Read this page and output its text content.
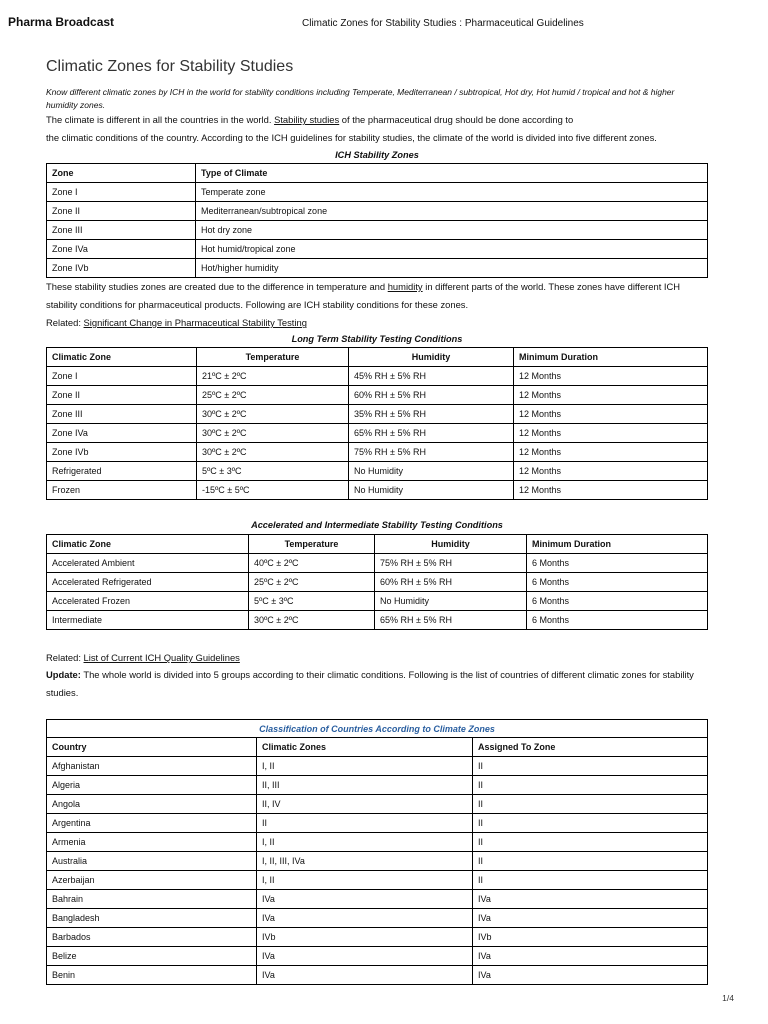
Pharma Broadcast	Climatic Zones for Stability Studies : Pharmaceutical Guidelines
Climatic Zones for Stability Studies
Know different climatic zones by ICH in the world for stability conditions including Temperate, Mediterranean / subtropical, Hot dry, Hot humid / tropical and hot & higher humidity zones.
The climate is different in all the countries in the world. Stability studies of the pharmaceutical drug should be done according to
the climatic conditions of the country. According to the ICH guidelines for stability studies, the climate of the world is divided into five different zones.
ICH Stability Zones
Zone	Type of Climate
Zone I	Temperate zone
Zone II	Mediterranean/subtropical zone
Zone III	Hot dry zone
Zone IVa	Hot humid/tropical zone
Zone IVb	Hot/higher humidity
These stability studies zones are created due to the difference in temperature and humidity in different parts of the world. These zones have different ICH stability conditions for pharmaceutical products. Following are ICH stability conditions for these zones.
Related: Significant Change in Pharmaceutical Stability Testing
Long Term Stability Testing Conditions
Climatic Zone	Temperature	Humidity	Minimum Duration
Zone I	21ºC ± 2ºC	45% RH ± 5% RH	12 Months
Zone II	25ºC ± 2ºC	60% RH ± 5% RH	12 Months
Zone III	30ºC ± 2ºC	35% RH ± 5% RH	12 Months
Zone IVa	30ºC ± 2ºC	65% RH ± 5% RH	12 Months
Zone IVb	30ºC ± 2ºC	75% RH ± 5% RH	12 Months
Refrigerated	5ºC ± 3ºC	No Humidity	12 Months
Frozen	-15ºC ± 5ºC	No Humidity	12 Months
Accelerated and Intermediate Stability Testing Conditions
Climatic Zone	Temperature	Humidity	Minimum Duration
Accelerated Ambient	40ºC ± 2ºC	75% RH ± 5% RH	6 Months
Accelerated Refrigerated	25ºC ± 2ºC	60% RH ± 5% RH	6 Months
Accelerated Frozen	5ºC ± 3ºC	No Humidity	6 Months
Intermediate	30ºC ± 2ºC	65% RH ± 5% RH	6 Months
Related: List of Current ICH Quality Guidelines
Update: The whole world is divided into 5 groups according to their climatic conditions. Following is the list of countries of different climatic zones for stability studies.
Classification of Countries According to Climate Zones		
Country	Climatic Zones	Assigned To Zone
Afghanistan	I, II	II
Algeria	II, III	II
Angola	II, IV	II
Argentina	II	II
Armenia	I, II	II
Australia	I, II, III, IVa	II
Azerbaijan	I, II	II
Bahrain	IVa	IVa
Bangladesh	IVa	IVa
Barbados	IVb	IVb
Belize	IVa	IVa
Benin	IVa	IVa
1/4
